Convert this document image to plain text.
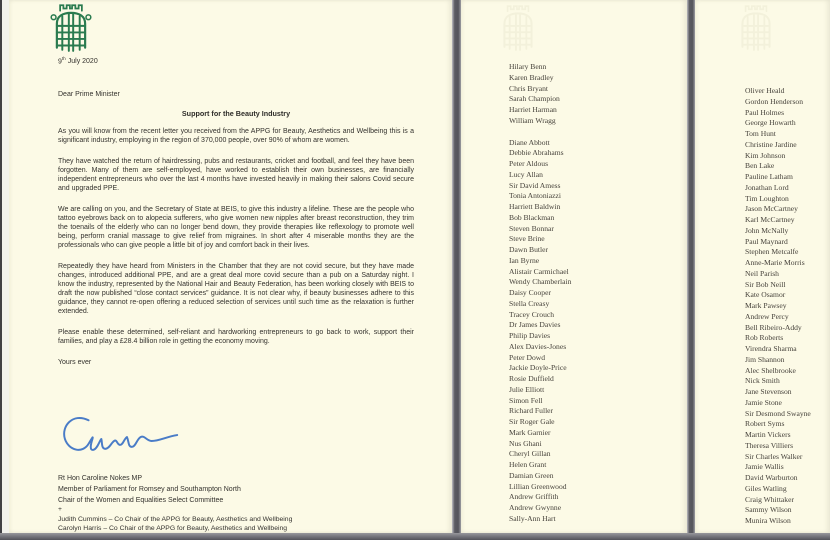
9th July 2020
Dear Prime Minister
Support for the Beauty Industry
As you will know from the recent letter you received from the APPG for Beauty, Aesthetics and Wellbeing this is a significant industry, employing in the region of 370,000 people, over 90% of whom are women.
They have watched the return of hairdressing, pubs and restaurants, cricket and football, and feel they have been forgotten. Many of them are self-employed, have worked to establish their own businesses, are financially independent entrepreneurs who over the last 4 months have invested heavily in making their salons Covid secure and upgraded PPE.
We are calling on you, and the Secretary of State at BEIS, to give this industry a lifeline. These are the people who tattoo eyebrows back on to alopecia sufferers, who give women new nipples after breast reconstruction, they trim the toenails of the elderly who can no longer bend down, they provide therapies like reflexology to promote well being, perform cranial massage to give relief from migraines. In short after 4 miserable months they are the professionals who can give people a little bit of joy and comfort back in their lives.
Repeatedly they have heard from Ministers in the Chamber that they are not covid secure, but they have made changes, introduced additional PPE, and are a great deal more covid secure than a pub on a Saturday night. I know the industry, represented by the National Hair and Beauty Federation, has been working closely with BEIS to draft the now published “close contact services” guidance. It is not clear why, if beauty businesses adhere to this guidance, they cannot re-open offering a reduced selection of services until such time as the relaxation is further extended.
Please enable these determined, self-reliant and hardworking entrepreneurs to go back to work, support their families, and play a £28.4 billion role in getting the economy moving.
Yours ever
Rt Hon Caroline Nokes MP
Member of Parliament for Romsey and Southampton North
Chair of the Women and Equalities Select Committee
+
Judith Cummins – Co Chair of the APPG for Beauty, Aesthetics and Wellbeing
Carolyn Harris – Co Chair of the APPG for Beauty, Aesthetics and Wellbeing
Hilary Benn
Karen Bradley
Chris Bryant
Sarah Champion
Harriet Harman
William Wragg
Diane Abbott
Debbie Abrahams
Peter Aldous
Lucy Allan
Sir David Amess
Tonia Antoniazzi
Harriett Baldwin
Bob Blackman
Steven Bonnar
Steve Brine
Dawn Butler
Ian Byrne
Alistair Carmichael
Wendy Chamberlain
Daisy Cooper
Stella Creasy
Tracey Crouch
Dr James Davies
Philip Davies
Alex Davies-Jones
Peter Dowd
Jackie Doyle-Price
Rosie Duffield
Julie Elliott
Simon Fell
Richard Fuller
Sir Roger Gale
Mark Garnier
Nus Ghani
Cheryl Gillan
Helen Grant
Damian Green
Lillian Greenwood
Andrew Griffith
Andrew Gwynne
Sally-Ann Hart
Oliver Heald
Gordon Henderson
Paul Holmes
George Howarth
Tom Hunt
Christine Jardine
Kim Johnson
Ben Lake
Pauline Latham
Jonathan Lord
Tim Loughton
Jason McCartney
Karl McCartney
John McNally
Paul Maynard
Stephen Metcalfe
Anne-Marie Morris
Neil Parish
Sir Bob Neill
Kate Osamor
Mark Pawsey
Andrew Percy
Bell Ribeiro-Addy
Rob Roberts
Virendra Sharma
Jim Shannon
Alec Shelbrooke
Nick Smith
Jane Stevenson
Jamie Stone
Sir Desmond Swayne
Robert Syms
Martin Vickers
Theresa Villiers
Sir Charles Walker
Jamie Wallis
David Warburton
Giles Watling
Craig Whittaker
Sammy Wilson
Munira Wilson
